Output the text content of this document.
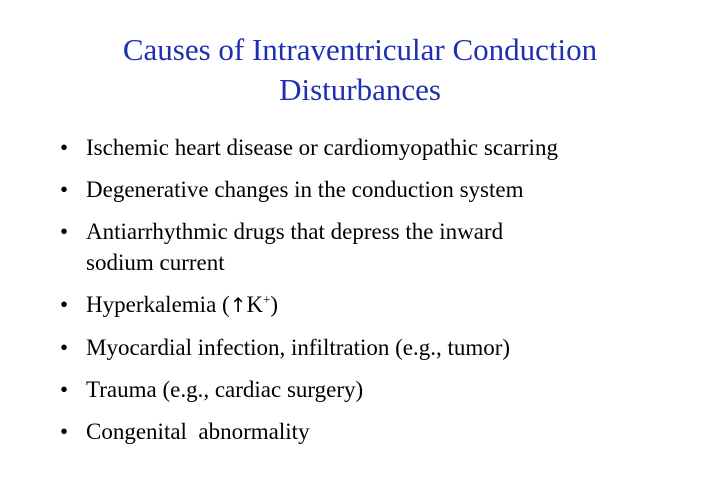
Causes of Intraventricular Conduction
Disturbances
• Ischemic heart disease or cardiomyopathic scarring
• Degenerative changes in the conduction system
• Antiarrhythmic drugs that depress the inward
sodium current
• Hyperkalemia (↑K+)
• Myocardial infection, infiltration (e.g., tumor)
• Trauma (e.g., cardiac surgery)
• Congenital  abnormality
